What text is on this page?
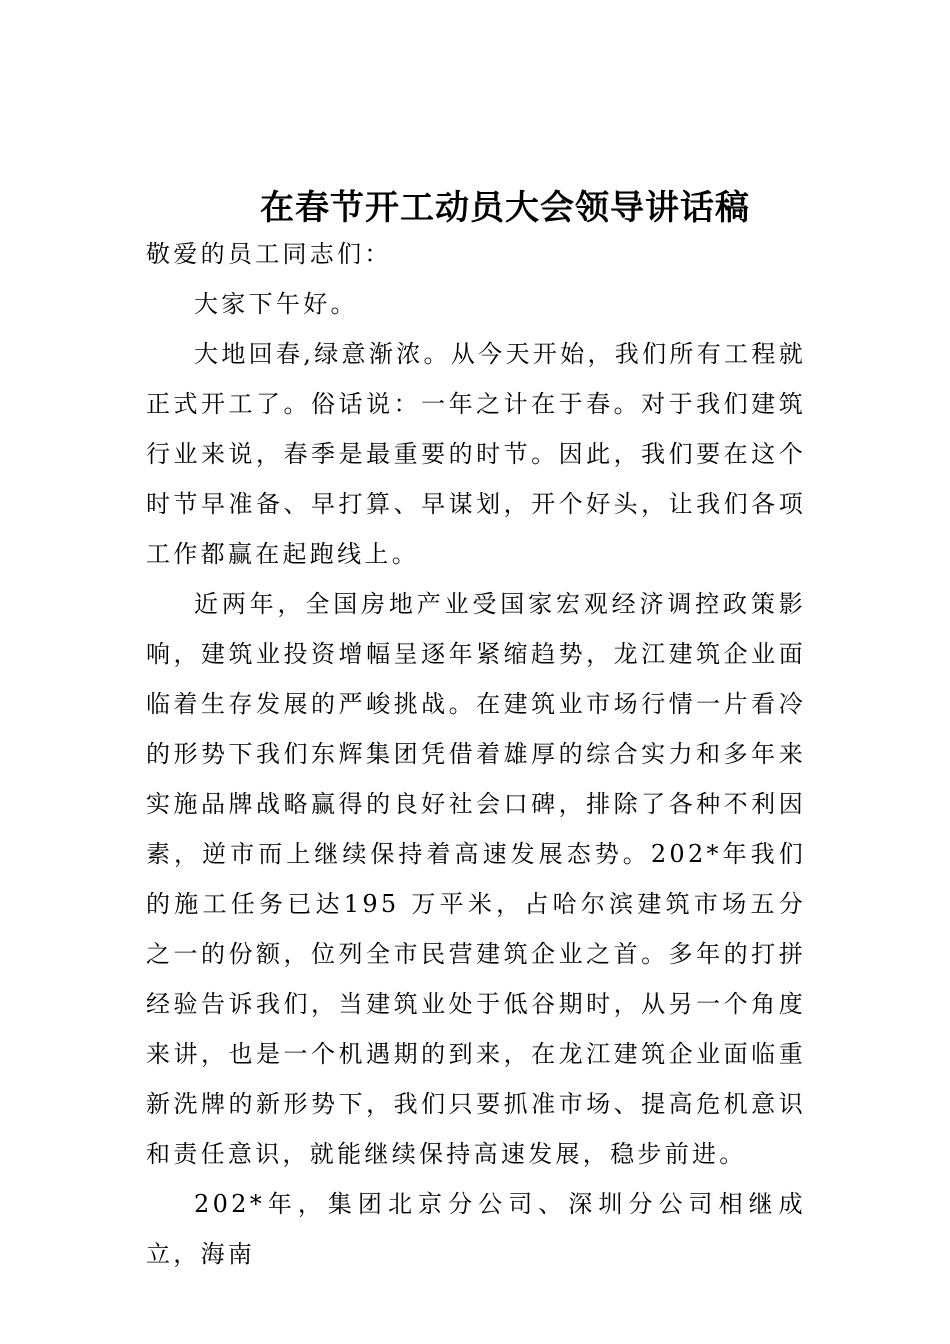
在春节开工动员大会领导讲话稿

敬爱的员工同志们：

大家下午好。

大地回春,绿意渐浓。从今天开始，我们所有工程就正式开工了。俗话说：一年之计在于春。对于我们建筑行业来说，春季是最重要的时节。因此，我们要在这个时节早准备、早打算、早谋划，开个好头，让我们各项工作都赢在起跑线上。

近两年，全国房地产业受国家宏观经济调控政策影响，建筑业投资增幅呈逐年紧缩趋势，龙江建筑企业面临着生存发展的严峻挑战。在建筑业市场行情一片看冷的形势下我们东辉集团凭借着雄厚的综合实力和多年来实施品牌战略赢得的良好社会口碑，排除了各种不利因素，逆市而上继续保持着高速发展态势。202*年我们的施工任务已达195 万平米，占哈尔滨建筑市场五分之一的份额，位列全市民营建筑企业之首。多年的打拼经验告诉我们，当建筑业处于低谷期时，从另一个角度来讲，也是一个机遇期的到来，在龙江建筑企业面临重新洗牌的新形势下，我们只要抓准市场、提高危机意识和责任意识，就能继续保持高速发展，稳步前进。

202*年，集团北京分公司、深圳分公司相继成立，海南
